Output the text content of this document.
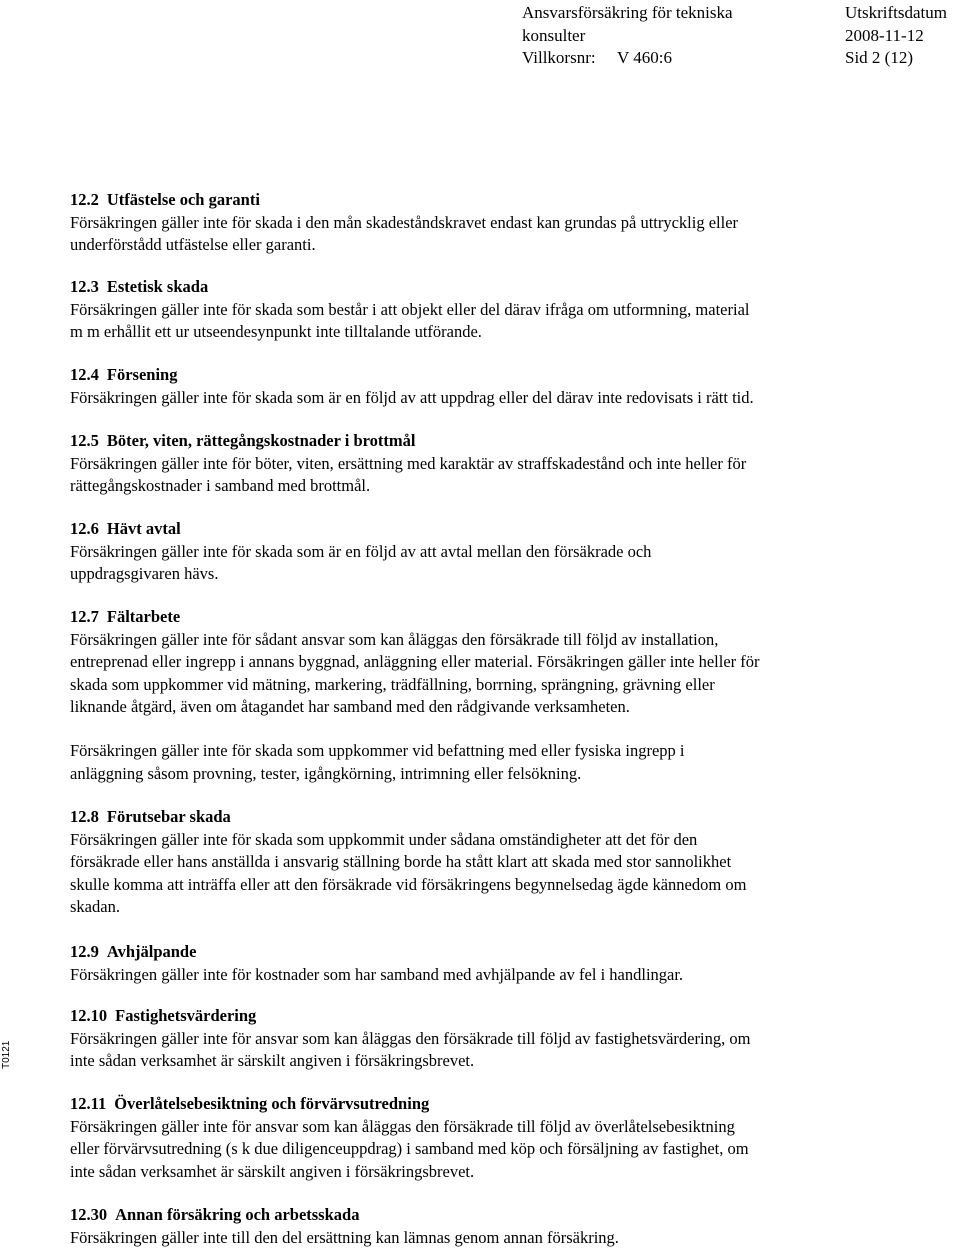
Ansvarsförsäkring för tekniska
konsulter
Villkorsnr: V 460:6
Utskriftsdatum
2008-11-12
Sid 2 (12)
T0121
12.2 Utfästelse och garanti
Försäkringen gäller inte för skada i den mån skadeståndskravet endast kan grundas på uttrycklig eller
underförstådd utfästelse eller garanti.
12.3 Estetisk skada
Försäkringen gäller inte för skada som består i att objekt eller del därav ifråga om utformning, material
m m erhållit ett ur utseendesynpunkt inte tilltalande utförande.
12.4 Försening
Försäkringen gäller inte för skada som är en följd av att uppdrag eller del därav inte redovisats i rätt tid.
12.5 Böter, viten, rättegångskostnader i brottmål
Försäkringen gäller inte för böter, viten, ersättning med karaktär av straffskadestånd och inte heller för
rättegångskostnader i samband med brottmål.
12.6 Hävt avtal
Försäkringen gäller inte för skada som är en följd av att avtal mellan den försäkrade och
uppdragsgivaren hävs.
12.7 Fältarbete
Försäkringen gäller inte för sådant ansvar som kan åläggas den försäkrade till följd av installation,
entreprenad eller ingrepp i annans byggnad, anläggning eller material. Försäkringen gäller inte heller för
skada som uppkommer vid mätning, markering, trädfällning, borrning, sprängning, grävning eller
liknande åtgärd, även om åtagandet har samband med den rådgivande verksamheten.
Försäkringen gäller inte för skada som uppkommer vid befattning med eller fysiska ingrepp i
anläggning såsom provning, tester, igångkörning, intrimning eller felsökning.
12.8 Förutsebar skada
Försäkringen gäller inte för skada som uppkommit under sådana omständigheter att det för den
försäkrade eller hans anställda i ansvarig ställning borde ha stått klart att skada med stor sannolikhet
skulle komma att inträffa eller att den försäkrade vid försäkringens begynnelsedag ägde kännedom om
skadan.
12.9 Avhjälpande
Försäkringen gäller inte för kostnader som har samband med avhjälpande av fel i handlingar.
12.10 Fastighetsvärdering
Försäkringen gäller inte för ansvar som kan åläggas den försäkrade till följd av fastighetsvärdering, om
inte sådan verksamhet är särskilt angiven i försäkringsbrevet.
12.11 Överlåtelsebesiktning och förvärvsutredning
Försäkringen gäller inte för ansvar som kan åläggas den försäkrade till följd av överlåtelsebesiktning
eller förvärvsutredning (s k due diligenceuppdrag) i samband med köp och försäljning av fastighet, om
inte sådan verksamhet är särskilt angiven i försäkringsbrevet.
12.30 Annan försäkring och arbetsskada
Försäkringen gäller inte till den del ersättning kan lämnas genom annan försäkring.
